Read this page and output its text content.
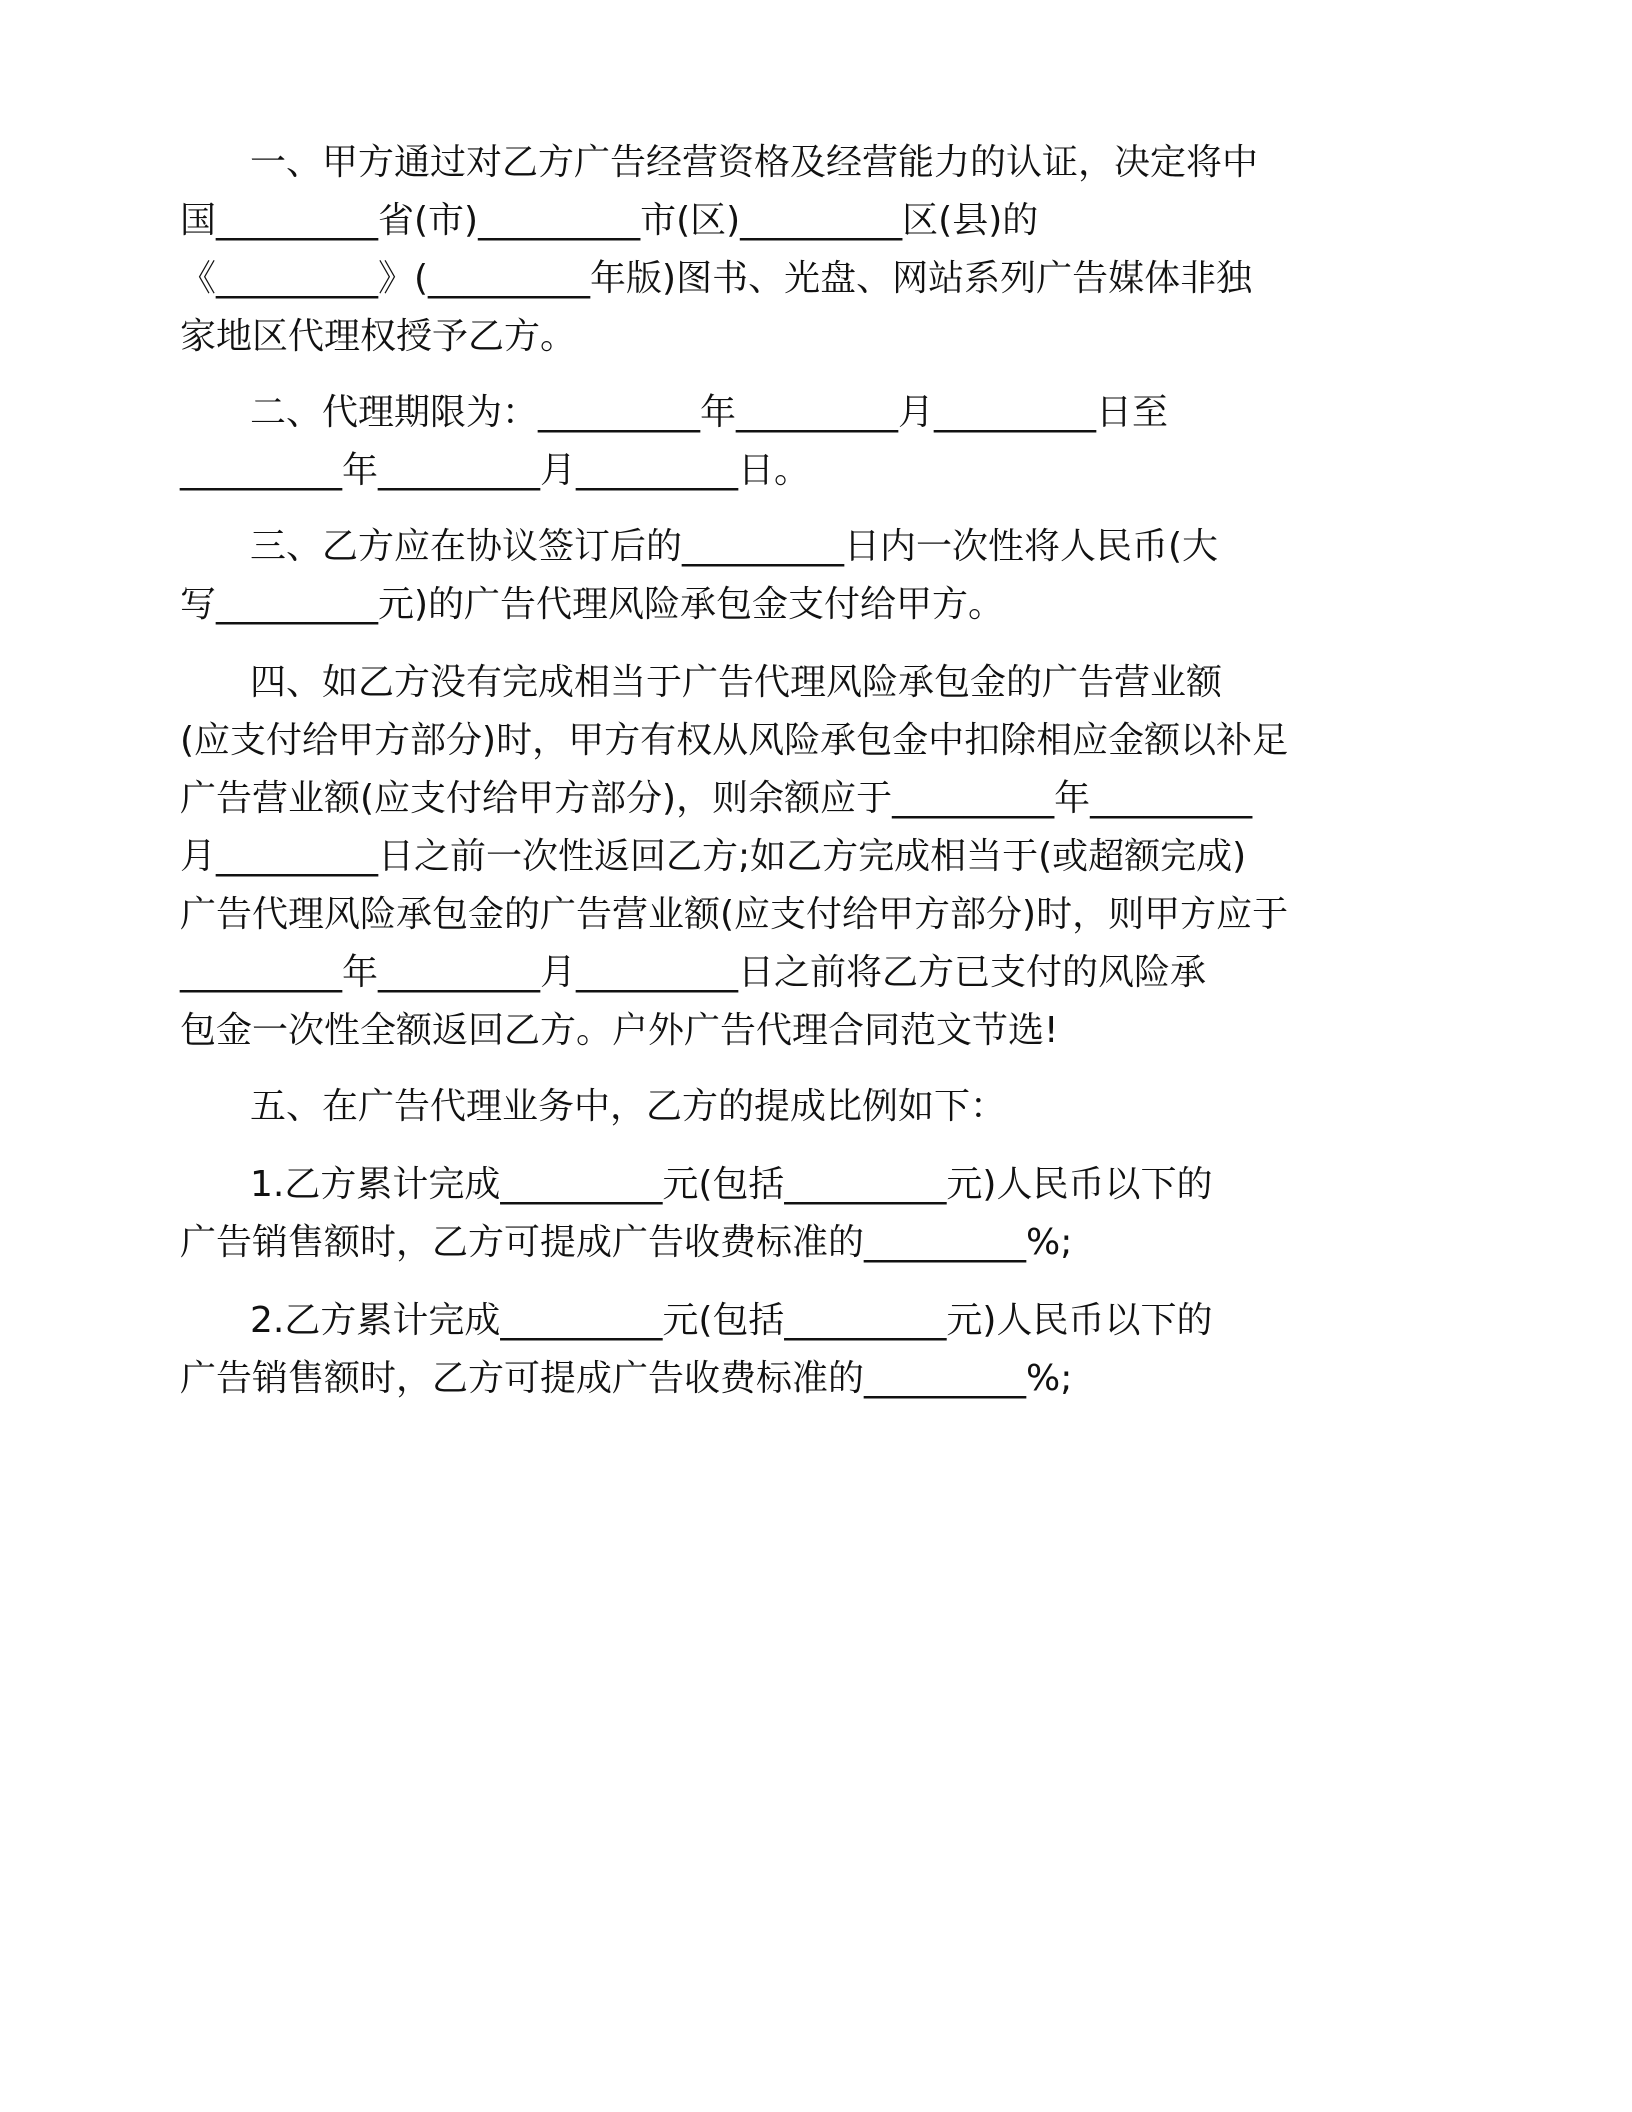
一、甲方通过对乙方广告经营资格及经营能力的认证，决定将中
国_________省(市)_________市(区)_________区(县)的
《_________》(_________年版)图书、光盘、网站系列广告媒体非独
家地区代理权授予乙方。
二、代理期限为：_________年_________月_________日至
_________年_________月_________日。
三、乙方应在协议签订后的_________日内一次性将人民币(大
写_________元)的广告代理风险承包金支付给甲方。
四、如乙方没有完成相当于广告代理风险承包金的广告营业额
(应支付给甲方部分)时，甲方有权从风险承包金中扣除相应金额以补足
广告营业额(应支付给甲方部分)，则余额应于_________年_________
月_________日之前一次性返回乙方;如乙方完成相当于(或超额完成)
广告代理风险承包金的广告营业额(应支付给甲方部分)时，则甲方应于
_________年_________月_________日之前将乙方已支付的风险承
包金一次性全额返回乙方。户外广告代理合同范文节选!
五、在广告代理业务中，乙方的提成比例如下：
1.乙方累计完成_________元(包括_________元)人民币以下的
广告销售额时，乙方可提成广告收费标准的_________%;
2.乙方累计完成_________元(包括_________元)人民币以下的
广告销售额时，乙方可提成广告收费标准的_________%;
